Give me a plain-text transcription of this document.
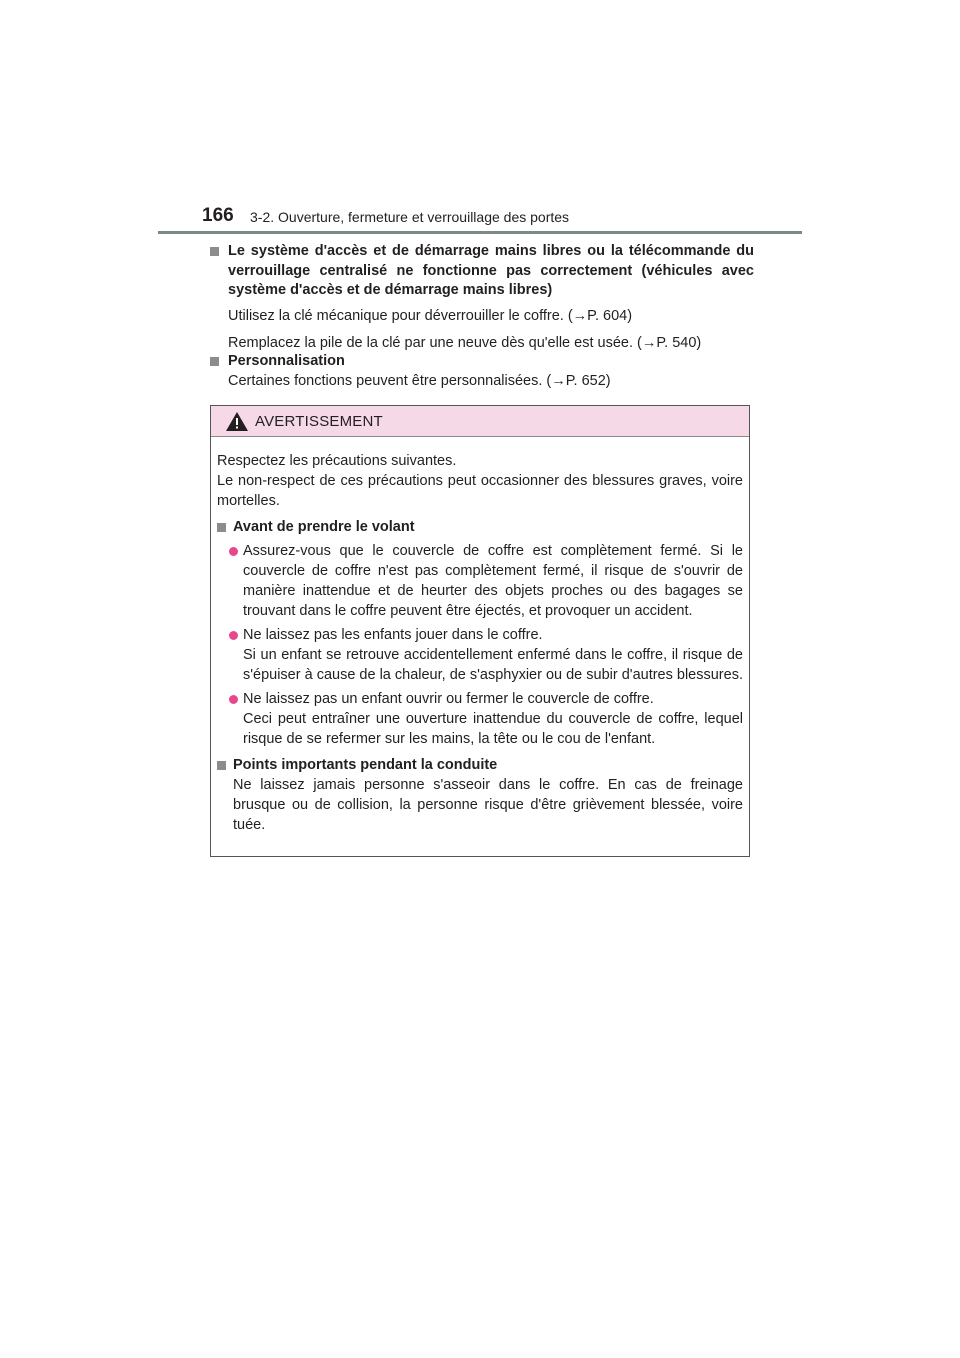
166 3-2. Ouverture, fermeture et verrouillage des portes
Le système d'accès et de démarrage mains libres ou la télécommande du verrouillage centralisé ne fonctionne pas correctement (véhicules avec système d'accès et de démarrage mains libres)

Utilisez la clé mécanique pour déverrouiller le coffre. (→P. 604)

Remplacez la pile de la clé par une neuve dès qu'elle est usée. (→P. 540)

Personnalisation

Certaines fonctions peuvent être personnalisées. (→P. 652)

AVERTISSEMENT

Respectez les précautions suivantes.

Le non-respect de ces précautions peut occasionner des blessures graves, voire mortelles.

Avant de prendre le volant

Assurez-vous que le couvercle de coffre est complètement fermé. Si le couvercle de coffre n'est pas complètement fermé, il risque de s'ouvrir de manière inattendue et de heurter des objets proches ou des bagages se trouvant dans le coffre peuvent être éjectés, et provoquer un accident.

Ne laissez pas les enfants jouer dans le coffre.

Si un enfant se retrouve accidentellement enfermé dans le coffre, il risque de s'épuiser à cause de la chaleur, de s'asphyxier ou de subir d'autres blessures.

Ne laissez pas un enfant ouvrir ou fermer le couvercle de coffre.

Ceci peut entraîner une ouverture inattendue du couvercle de coffre, lequel risque de se refermer sur les mains, la tête ou le cou de l'enfant.

Points importants pendant la conduite

Ne laissez jamais personne s'asseoir dans le coffre. En cas de freinage brusque ou de collision, la personne risque d'être grièvement blessée, voire tuée.
